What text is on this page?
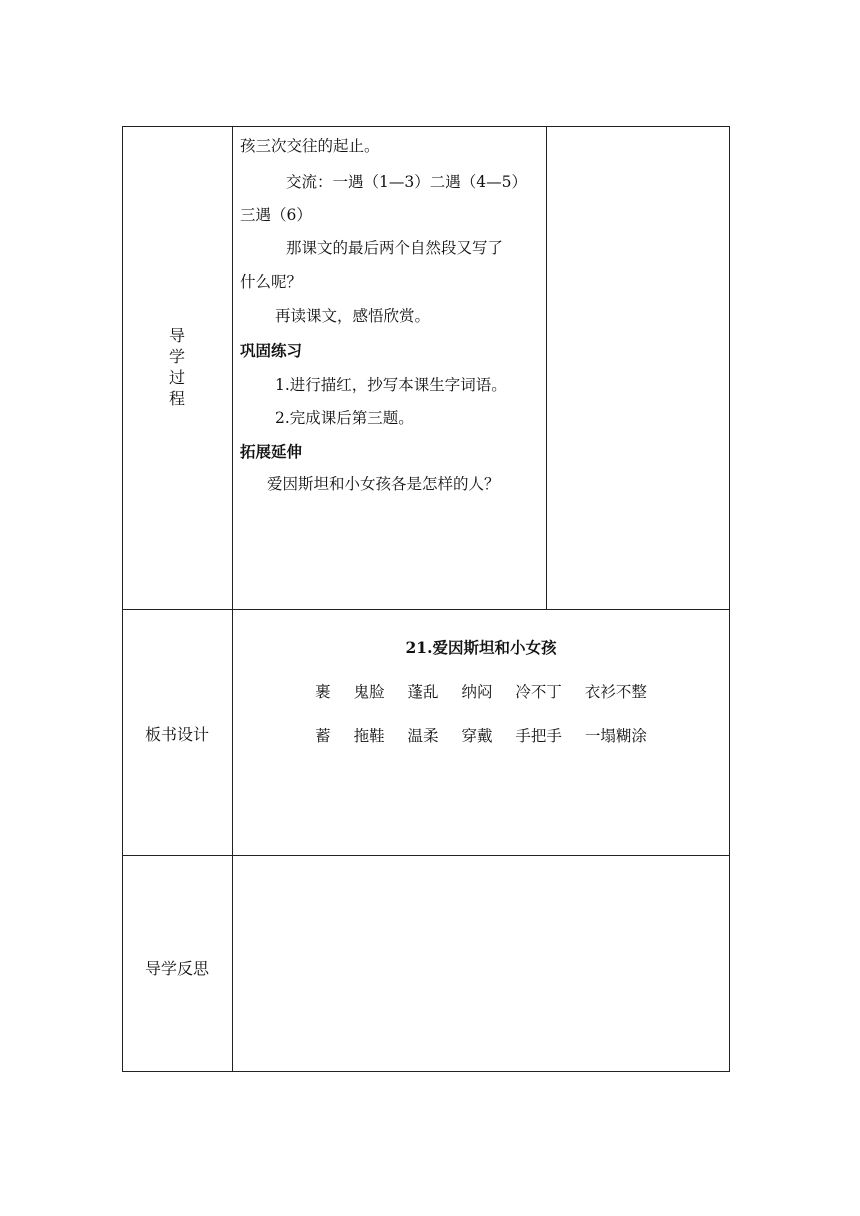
导
学
过
程
孩三次交往的起止。
交流：一遇（1—3）二遇（4—5）
三遇（6）
那课文的最后两个自然段又写了
什么呢？
再读课文，感悟欣赏。
巩固练习
1.进行描红，抄写本课生字词语。
2.完成课后第三题。
拓展延伸
爱因斯坦和小女孩各是怎样的人？
板书设计
21.爱因斯坦和小女孩
裹 鬼脸 蓬乱 纳闷 冷不丁 衣衫不整
蓄 拖鞋 温柔 穿戴 手把手 一塌糊涂
导学反思
